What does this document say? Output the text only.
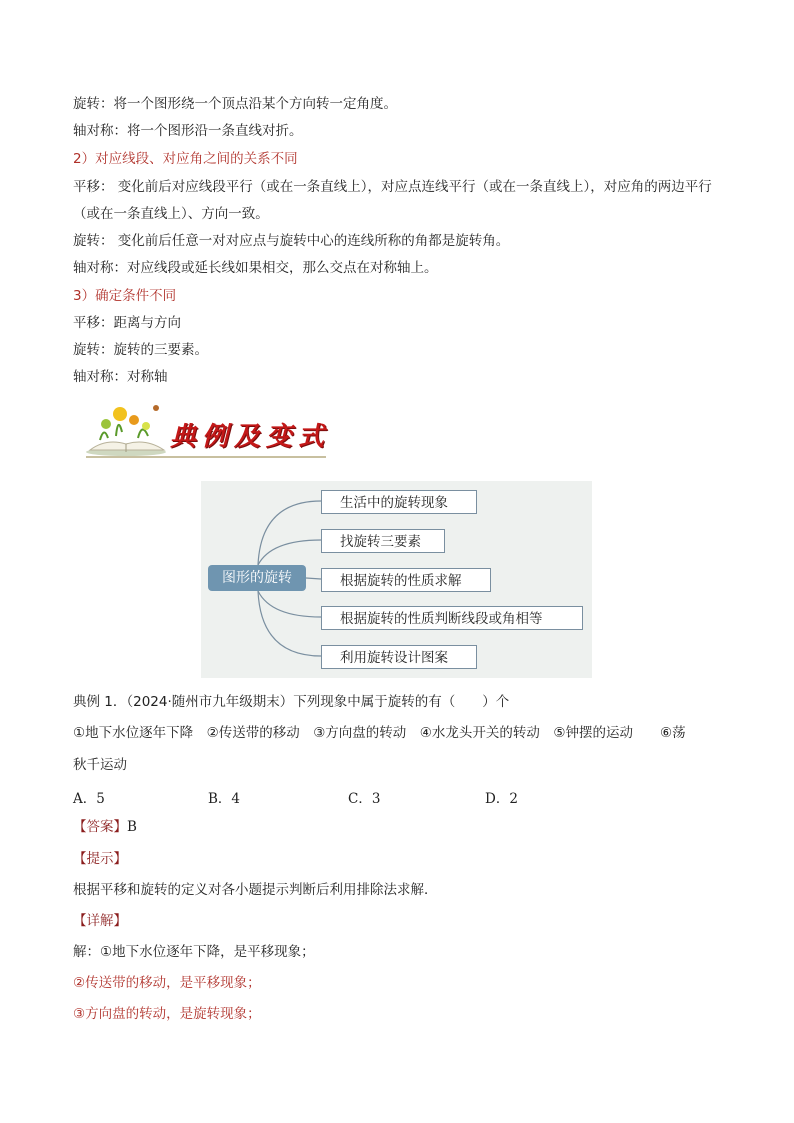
旋转：将一个图形绕一个顶点沿某个方向转一定角度。
轴对称：将一个图形沿一条直线对折。
2）对应线段、对应角之间的关系不同
平移： 变化前后对应线段平行（或在一条直线上），对应点连线平行（或在一条直线上），对应角的两边平行
（或在一条直线上）、方向一致。
旋转： 变化前后任意一对对应点与旋转中心的连线所称的角都是旋转角。
轴对称：对应线段或延长线如果相交，那么交点在对称轴上。
3）确定条件不同
平移：距离与方向
旋转：旋转的三要素。
轴对称：对称轴
典例及变式
图形的旋转
生活中的旋转现象
找旋转三要素
根据旋转的性质求解
根据旋转的性质判断线段或角相等
利用旋转设计图案
典例 1．（2024·随州市九年级期末）下列现象中属于旋转的有（　　）个
①地下水位逐年下降　②传送带的移动　③方向盘的转动　④水龙头开关的转动　⑤钟摆的运动　　⑥荡
秋千运动
A．5	B．4	C．3	D．2
【答案】B
【提示】
根据平移和旋转的定义对各小题提示判断后利用排除法求解．
【详解】
解：①地下水位逐年下降，是平移现象；
②传送带的移动，是平移现象；
③方向盘的转动，是旋转现象；
